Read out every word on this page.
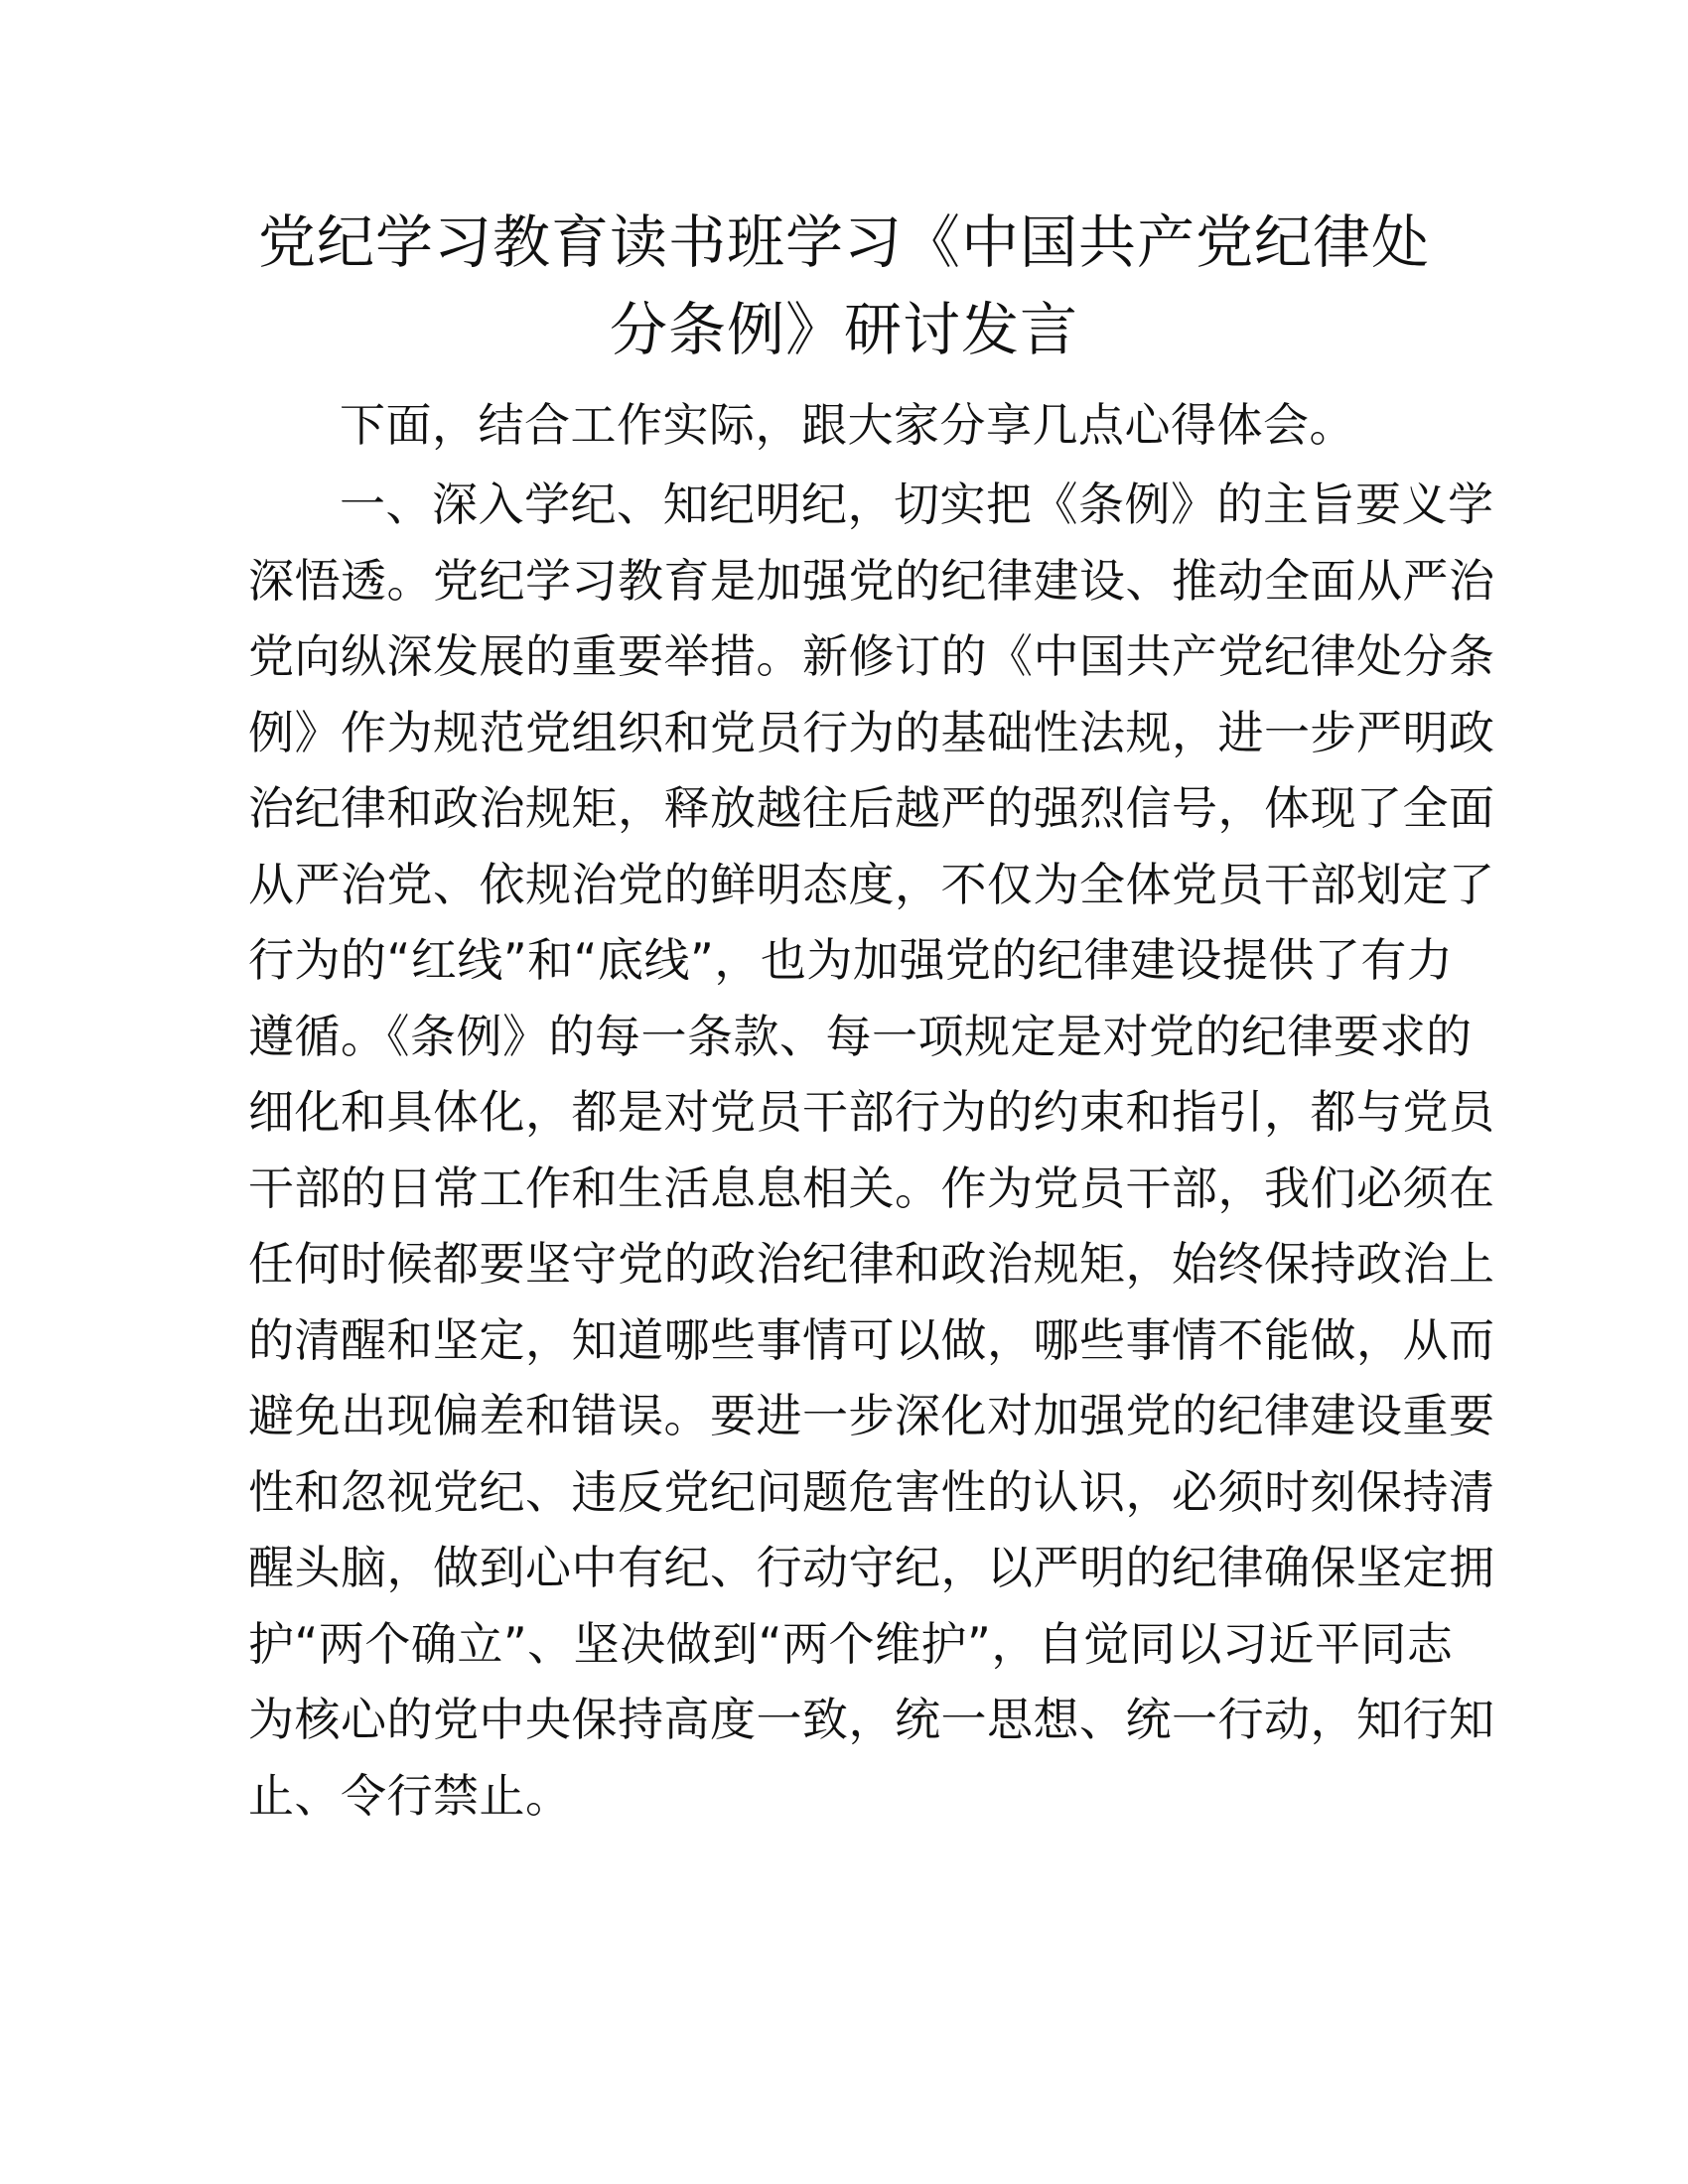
党纪学习教育读书班学习《中国共产党纪律处
分条例》研讨发言

下面，结合工作实际，跟大家分享几点心得体会。

一、深入学纪、知纪明纪，切实把《条例》的主旨要义学
深悟透。党纪学习教育是加强党的纪律建设、推动全面从严治
党向纵深发展的重要举措。新修订的《中国共产党纪律处分条
例》作为规范党组织和党员行为的基础性法规，进一步严明政
治纪律和政治规矩，释放越往后越严的强烈信号，体现了全面
从严治党、依规治党的鲜明态度，不仅为全体党员干部划定了
行为的“红线”和“底线”，也为加强党的纪律建设提供了有力
遵循。《条例》的每一条款、每一项规定是对党的纪律要求的
细化和具体化，都是对党员干部行为的约束和指引，都与党员
干部的日常工作和生活息息相关。作为党员干部，我们必须在
任何时候都要坚守党的政治纪律和政治规矩，始终保持政治上
的清醒和坚定，知道哪些事情可以做，哪些事情不能做，从而
避免出现偏差和错误。要进一步深化对加强党的纪律建设重要
性和忽视党纪、违反党纪问题危害性的认识，必须时刻保持清
醒头脑，做到心中有纪、行动守纪，以严明的纪律确保坚定拥
护“两个确立”、坚决做到“两个维护”，自觉同以习近平同志
为核心的党中央保持高度一致，统一思想、统一行动，知行知
止、令行禁止。
